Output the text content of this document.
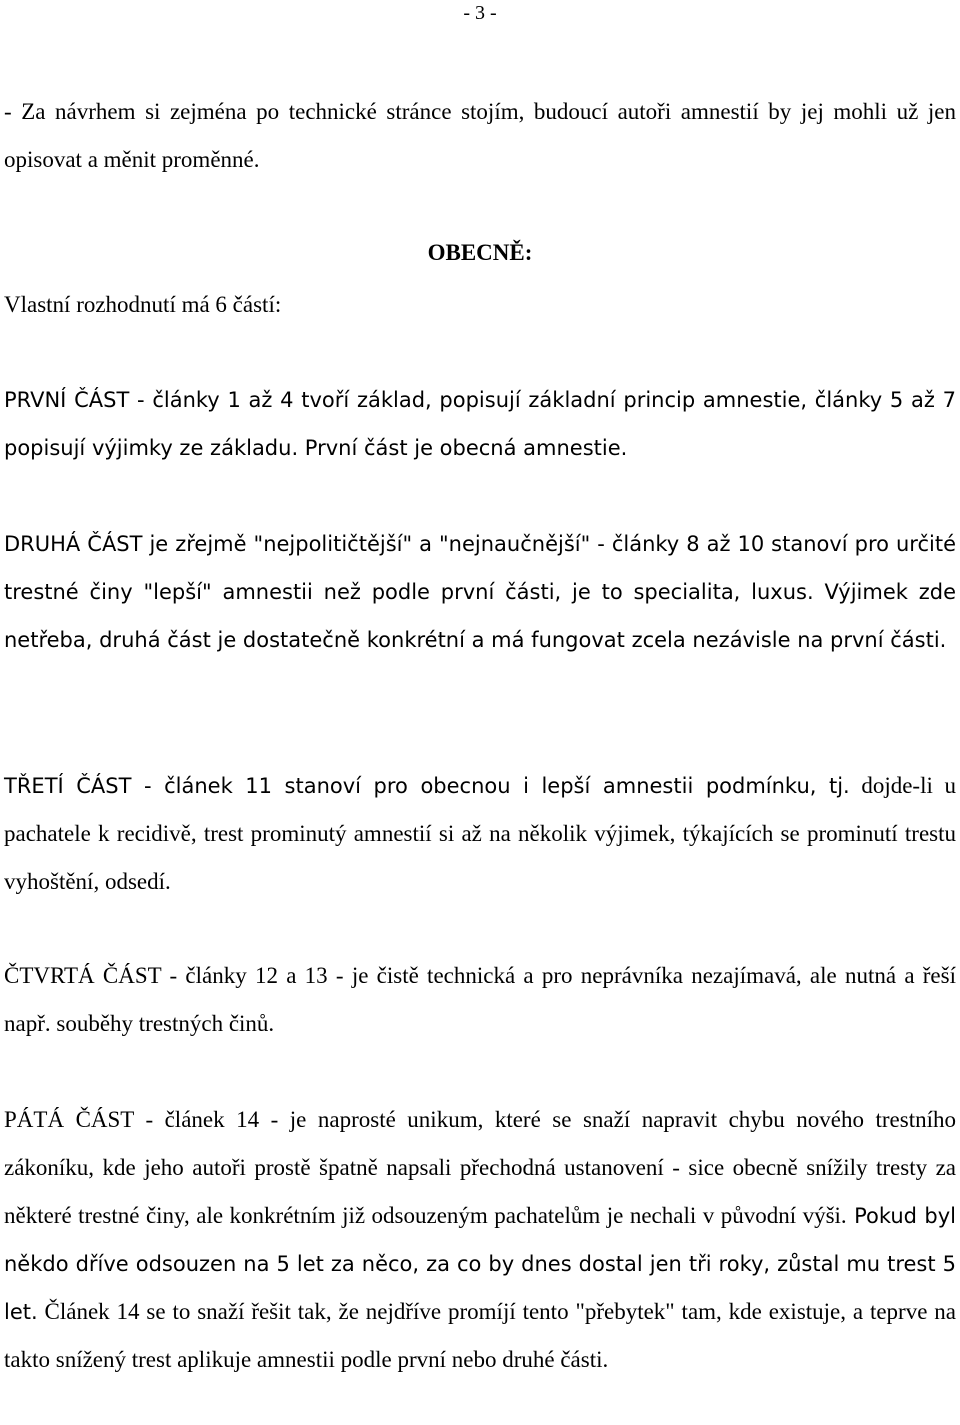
- 3 -
- Za návrhem si zejména po technické stránce stojím, budoucí autoři amnestií by jej mohli už jen opisovat a měnit proměnné.
OBECNĚ:
Vlastní rozhodnutí má 6 částí:
PRVNÍ ČÁST - články 1 až 4 tvoří základ, popisují základní princip amnestie, články 5 až 7 popisují výjimky ze základu. První část je obecná amnestie.
DRUHÁ ČÁST je zřejmě "nejpolitičtější" a "nejnaučnější" - články 8 až 10 stanoví pro určité trestné činy "lepší" amnestii než podle první části, je to specialita, luxus. Výjimek zde netřeba, druhá část je dostatečně konkrétní a má fungovat zcela nezávisle na první části.
TŘETÍ ČÁST - článek 11 stanoví pro obecnou i lepší amnestii podmínku, tj. dojde-li u pachatele k recidivě, trest prominutý amnestií si až na několik výjimek, týkajících se prominutí trestu vyhoštění, odsedí.
ČTVRTÁ ČÁST - články 12 a 13 - je čistě technická a pro neprávníka nezajímavá, ale nutná a řeší např. souběhy trestných činů.
PÁTÁ ČÁST - článek 14 - je naprosté unikum, které se snaží napravit chybu nového trestního zákoníku, kde jeho autoři prostě špatně napsali přechodná ustanovení - sice obecně snížily tresty za některé trestné činy, ale konkrétním již odsouzeným pachatelům je nechali v původní výši. Pokud byl někdo dříve odsouzen na 5 let za něco, za co by dnes dostal jen tři roky, zůstal mu trest 5 let. Článek 14 se to snaží řešit tak, že nejdříve promíjí tento "přebytek" tam, kde existuje, a teprve na takto snížený trest aplikuje amnestii podle první nebo druhé části.
